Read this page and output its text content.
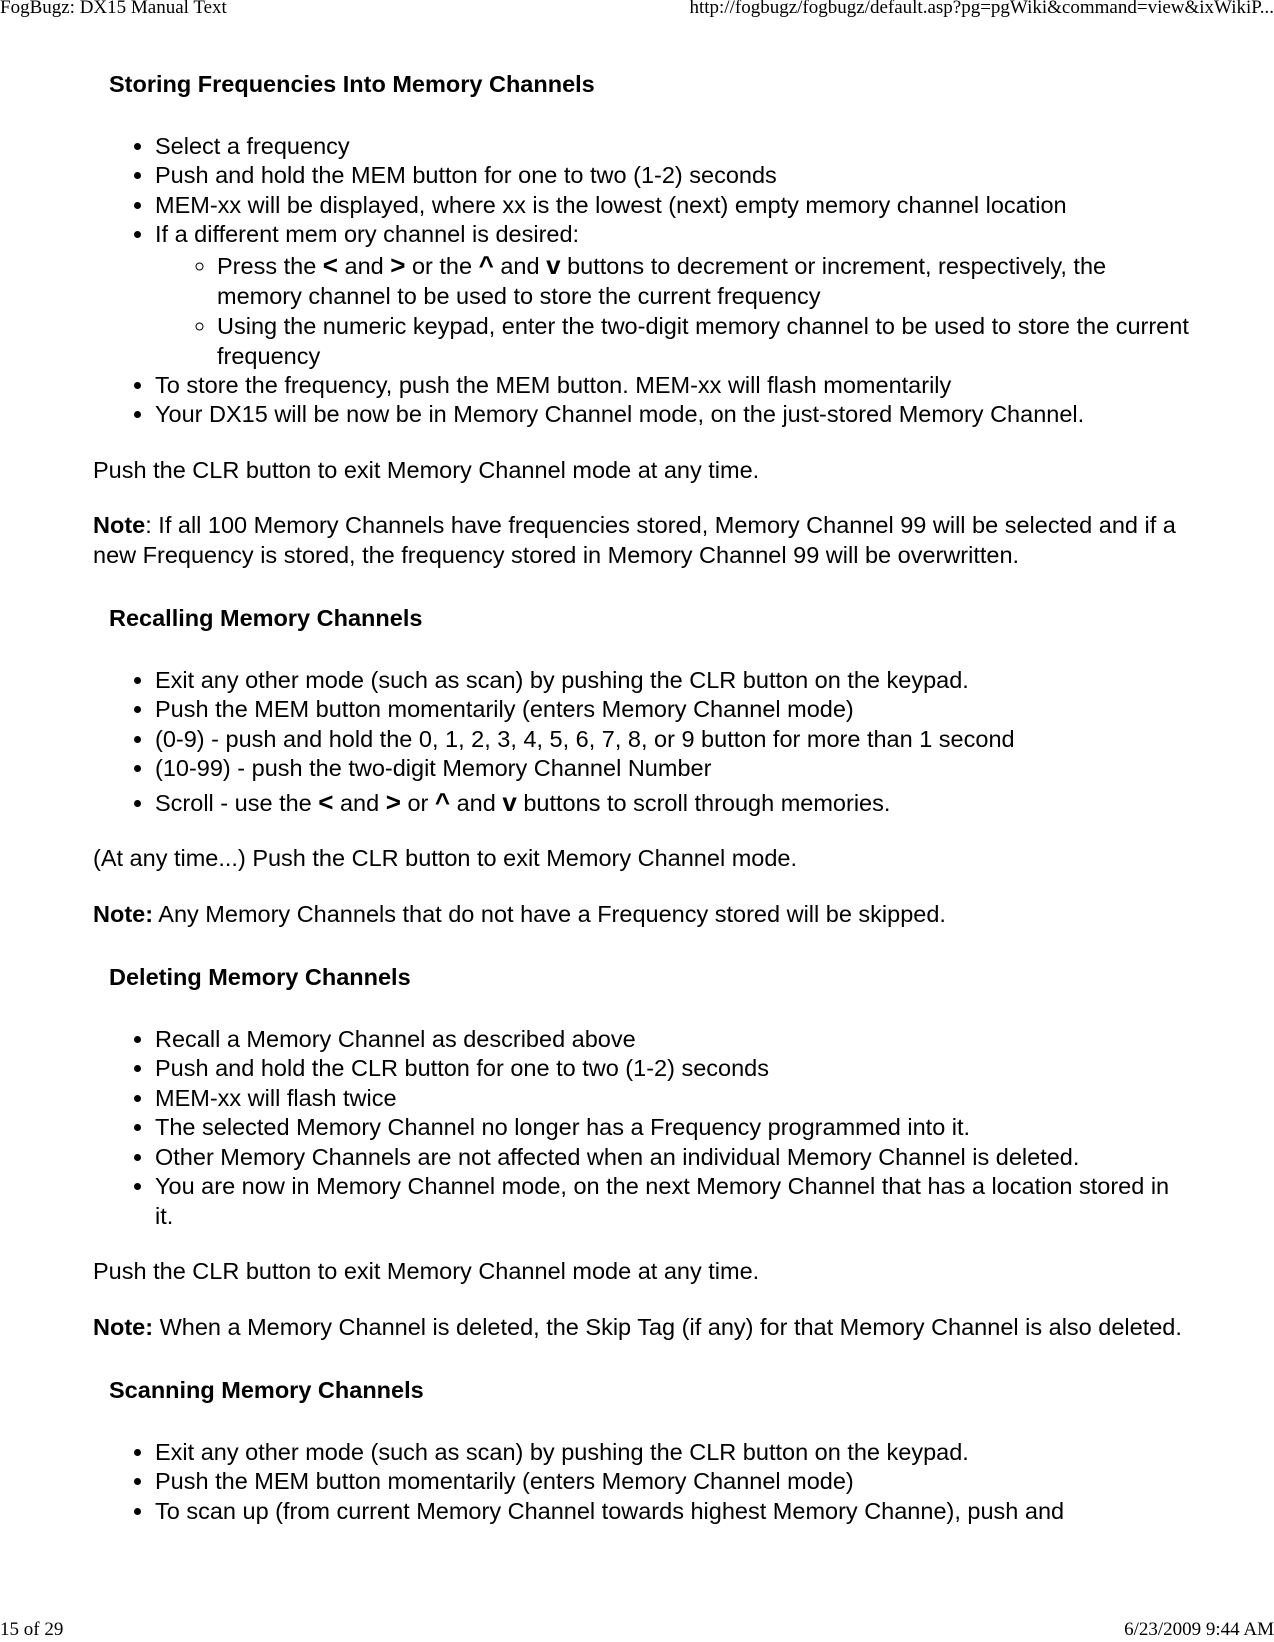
FogBugz: DX15 Manual Text	http://fogbugz/fogbugz/default.asp?pg=pgWiki&command=view&ixWikiP...
Storing Frequencies Into Memory Channels
• Select a frequency
• Push and hold the MEM button for one to two (1-2) seconds
• MEM-xx will be displayed, where xx is the lowest (next) empty memory channel location
• If a different mem ory channel is desired:
◦ Press the < and > or the ^ and v buttons to decrement or increment, respectively, the memory channel to be used to store the current frequency
◦ Using the numeric keypad, enter the two-digit memory channel to be used to store the current frequency
• To store the frequency, push the MEM button. MEM-xx will flash momentarily
• Your DX15 will be now be in Memory Channel mode, on the just-stored Memory Channel.

Push the CLR button to exit Memory Channel mode at any time.

Note: If all 100 Memory Channels have frequencies stored, Memory Channel 99 will be selected and if a new Frequency is stored, the frequency stored in Memory Channel 99 will be overwritten.

Recalling Memory Channels
• Exit any other mode (such as scan) by pushing the CLR button on the keypad.
• Push the MEM button momentarily (enters Memory Channel mode)
• (0-9) - push and hold the 0, 1, 2, 3, 4, 5, 6, 7, 8, or 9 button for more than 1 second
• (10-99) - push the two-digit Memory Channel Number
• Scroll - use the < and > or ^ and v buttons to scroll through memories.

(At any time...) Push the CLR button to exit Memory Channel mode.

Note: Any Memory Channels that do not have a Frequency stored will be skipped.

Deleting Memory Channels
• Recall a Memory Channel as described above
• Push and hold the CLR button for one to two (1-2) seconds
• MEM-xx will flash twice
• The selected Memory Channel no longer has a Frequency programmed into it.
• Other Memory Channels are not affected when an individual Memory Channel is deleted.
• You are now in Memory Channel mode, on the next Memory Channel that has a location stored in it.

Push the CLR button to exit Memory Channel mode at any time.

Note: When a Memory Channel is deleted, the Skip Tag (if any) for that Memory Channel is also deleted.

Scanning Memory Channels
• Exit any other mode (such as scan) by pushing the CLR button on the keypad.
• Push the MEM button momentarily (enters Memory Channel mode)
• To scan up (from current Memory Channel towards highest Memory Channe), push and
15 of 29	6/23/2009 9:44 AM
